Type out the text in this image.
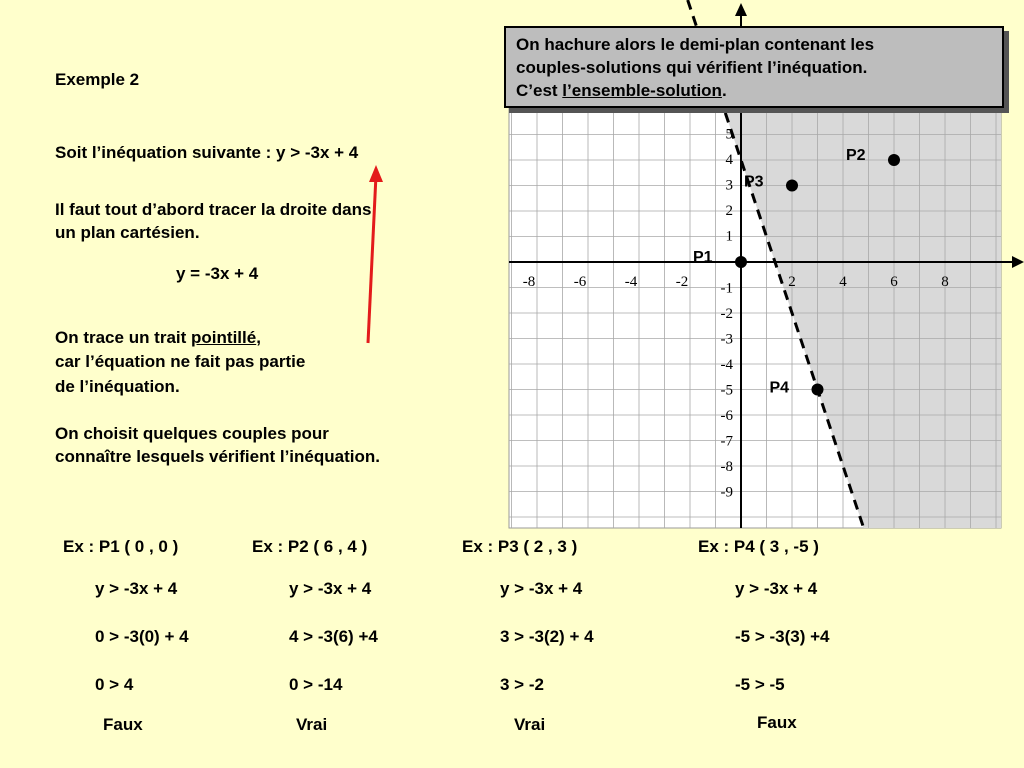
-8	-6	-4	-2	2	4	6	8
5
4
3
2
1
-1
-2
-3
-4
-5
-6
-7
-8
-9
P1
P2
P3
P4
On hachure alors le demi-plan contenant les
couples-solutions qui vérifient l’inéquation.
C’est l’ensemble-solution.
Exemple 2
Soit l’inéquation suivante : y > -3x + 4
Il faut tout d’abord tracer la droite dans
un plan cartésien.
y = -3x + 4
On trace un trait pointillé,
car l’équation ne fait pas partie
de l’inéquation.
On choisit quelques couples pour
connaître lesquels vérifient l’inéquation.
Ex : P1 ( 0 , 0 )
y > -3x + 4
0 > -3(0) + 4
0 > 4
Faux
Ex : P2 ( 6 , 4 )
y > -3x + 4
4 > -3(6) +4
0 > -14
Vrai
Ex : P3 ( 2 , 3 )
y > -3x + 4
3 > -3(2) + 4
3 > -2
Vrai
Ex : P4 ( 3 , -5 )
y > -3x + 4
-5 > -3(3) +4
-5 > -5
Faux
